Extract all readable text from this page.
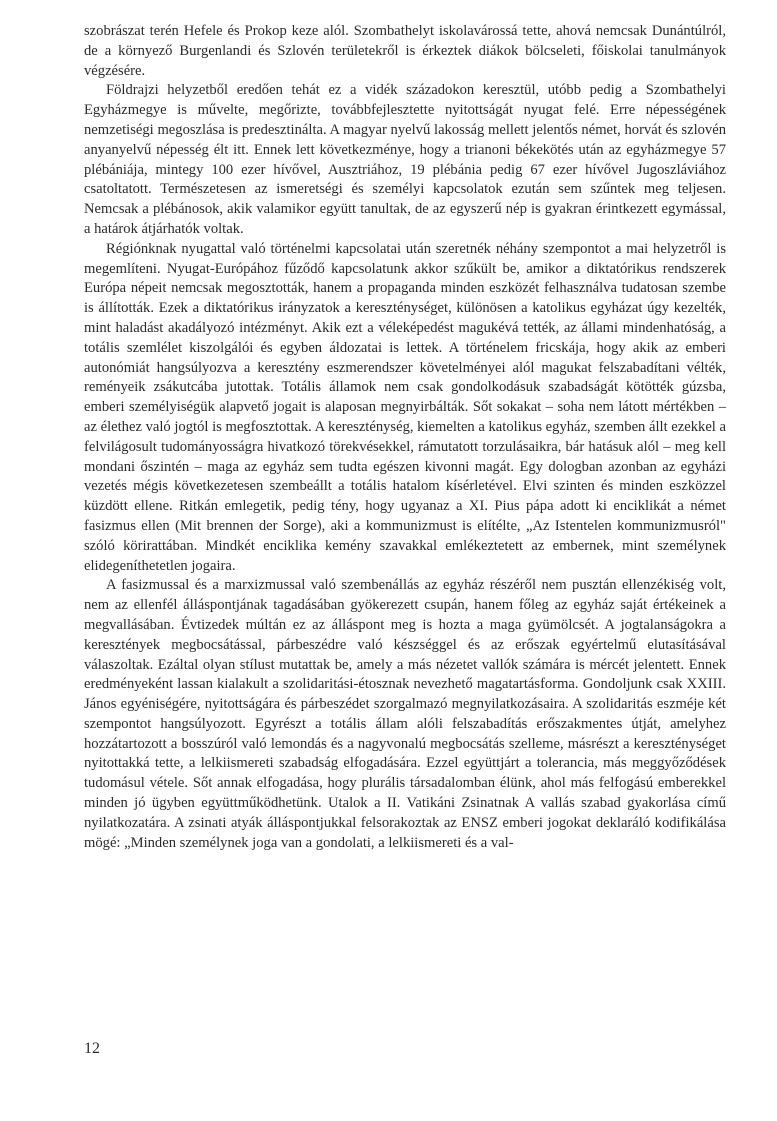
szobrászat terén Hefele és Prokop keze alól. Szombathelyt iskolavárossá tette, ahová nemcsak Dunántúlról, de a környező Burgenlandi és Szlovén területekről is érkeztek diákok bölcseleti, főiskolai tanulmányok végzésére.

Földrajzi helyzetből eredően tehát ez a vidék századokon keresztül, utóbb pedig a Szombathelyi Egyházmegye is művelte, megőrizte, továbbfejlesztette nyitottságát nyugat felé. Erre népességének nemzetiségi megoszlása is predesztinálta. A magyar nyelvű lakosság mellett jelentős német, horvát és szlovén anyanyelvű népesség élt itt. Ennek lett következménye, hogy a trianoni békekötés után az egyházmegye 57 plébániája, mintegy 100 ezer hívővel, Ausztriához, 19 plébánia pedig 67 ezer hívővel Jugoszláviához csatoltatott. Természetesen az ismeretségi és személyi kapcsolatok ezután sem szűntek meg teljesen. Nemcsak a plébánosok, akik valamikor együtt tanultak, de az egyszerű nép is gyakran érintkezett egymással, a határok átjárhatók voltak.

Régiónknak nyugattal való történelmi kapcsolatai után szeretnék néhány szempontot a mai helyzetről is megemlíteni. Nyugat-Európához fűződő kapcsolatunk akkor szűkült be, amikor a diktatórikus rendszerek Európa népeit nemcsak megosztották, hanem a propaganda minden eszközét felhasználva tudatosan szembe is állították. Ezek a diktatórikus irányzatok a kereszténységet, különösen a katolikus egyházat úgy kezelték, mint haladást akadályozó intézményt. Akik ezt a véleképedést magukévá tették, az állami mindenhatóság, a totális szemlélet kiszolgálói és egyben áldozatai is lettek. A történelem fricskája, hogy akik az emberi autonómiát hangsúlyozva a keresztény eszmerendszer követelményei alól magukat felszabadítani vélték, reményeik zsákutcába jutottak. Totális államok nem csak gondolkodásuk szabadságát kötötték gúzsba, emberi személyiségük alapvető jogait is alaposan megnyirbálták. Sőt sokakat – soha nem látott mértékben – az élethez való jogtól is megfosztottak. A kereszténység, kiemelten a katolikus egyház, szemben állt ezekkel a felvilágosult tudományosságra hivatkozó törekvésekkel, rámutatott torzulásaikra, bár hatásuk alól – meg kell mondani őszintén – maga az egyház sem tudta egészen kivonni magát. Egy dologban azonban az egyházi vezetés mégis következetesen szembeállt a totális hatalom kísérletével. Elvi szinten és minden eszközzel küzdött ellene. Ritkán emlegetik, pedig tény, hogy ugyanaz a XI. Pius pápa adott ki enciklikát a német fasizmus ellen (Mit brennen der Sorge), aki a kommunizmust is elítélte, „Az Istentelen kommunizmusról" szóló körirattában. Mindkét enciklika kemény szavakkal emlékeztetett az embernek, mint személynek elidegeníthetetlen jogaira.

A fasizmussal és a marxizmussal való szembenállás az egyház részéről nem pusztán ellenzékiség volt, nem az ellenfél álláspontjának tagadásában gyökerezett csupán, hanem főleg az egyház saját értékeinek a megvallásában. Évtizedek múltán ez az álláspont meg is hozta a maga gyümölcsét. A jogtalanságokra a keresztények megbocsátással, párbeszédre való készséggel és az erőszak egyértelmű elutasításával válaszoltak. Ezáltal olyan stílust mutattak be, amely a más nézetet vallók számára is mércét jelentett. Ennek eredményeként lassan kialakult a szolidaritási-étosznak nevezhető magatartásforma. Gondoljunk csak XXIII. János egyéniségére, nyitottságára és párbeszédet szorgalmazó megnyilatkozásaira. A szolidaritás eszméje két szempontot hangsúlyozott. Egyrészt a totális állam alóli felszabadítás erőszakmentes útját, amelyhez hozzátartozott a bosszúról való lemondás és a nagyvonalú megbocsátás szelleme, másrészt a kereszténységet nyitottakká tette, a lelkiismereti szabadság elfogadására. Ezzel együttjárt a tolerancia, más meggyőződések tudomásul vétele. Sőt annak elfogadása, hogy plurális társadalomban élünk, ahol más felfogású emberekkel minden jó ügyben együttműködhetünk. Utalok a II. Vatikáni Zsinatnak A vallás szabad gyakorlása című nyilatkozatára. A zsinati atyák álláspontjukkal felsorakoztak az ENSZ emberi jogokat deklaráló kodifikálása mögé: „Minden személynek joga van a gondolati, a lelkiismereti és a val-

12
